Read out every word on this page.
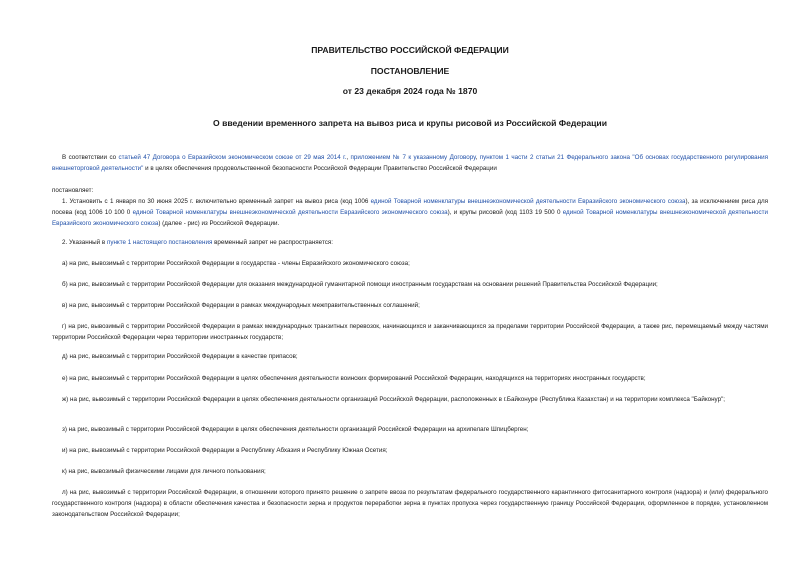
ПРАВИТЕЛЬСТВО РОССИЙСКОЙ ФЕДЕРАЦИИ
ПОСТАНОВЛЕНИЕ
от 23 декабря 2024 года № 1870
О введении временного запрета на вывоз риса и крупы рисовой из Российской Федерации
В соответствии со статьей 47 Договора о Евразийском экономическом союзе от 29 мая 2014 г., приложением № 7 к указанному Договору, пунктом 1 части 2 статьи 21 Федерального закона "Об основах государственного регулирования внешнеторговой деятельности" и в целях обеспечения продовольственной безопасности Российской Федерации Правительство Российской Федерации
постановляет:
1. Установить с 1 января по 30 июня 2025 г. включительно временный запрет на вывоз риса (код 1006 единой Товарной номенклатуры внешнеэкономической деятельности Евразийского экономического союза), за исключением риса для посева (код 1006 10 100 0 единой Товарной номенклатуры внешнеэкономической деятельности Евразийского экономического союза), и крупы рисовой (код 1103 19 500 0 единой Товарной номенклатуры внешнеэкономической деятельности Евразийского экономического союза) (далее - рис) из Российской Федерации.
2. Указанный в пункте 1 настоящего постановления временный запрет не распространяется:
а) на рис, вывозимый с территории Российской Федерации в государства - члены Евразийского экономического союза;
б) на рис, вывозимый с территории Российской Федерации для оказания международной гуманитарной помощи иностранным государствам на основании решений Правительства Российской Федерации;
в) на рис, вывозимый с территории Российской Федерации в рамках международных межправительственных соглашений;
г) на рис, вывозимый с территории Российской Федерации в рамках международных транзитных перевозок, начинающихся и заканчивающихся за пределами территории Российской Федерации, а также рис, перемещаемый между частями территории Российской Федерации через территории иностранных государств;
д) на рис, вывозимый с территории Российской Федерации в качестве припасов;
е) на рис, вывозимый с территории Российской Федерации в целях обеспечения деятельности воинских формирований Российской Федерации, находящихся на территориях иностранных государств;
ж) на рис, вывозимый с территории Российской Федерации в целях обеспечения деятельности организаций Российской Федерации, расположенных в г.Байконуре (Республика Казахстан) и на территории комплекса "Байконур";
з) на рис, вывозимый с территории Российской Федерации в целях обеспечения деятельности организаций Российской Федерации на архипелаге Шпицберген;
и) на рис, вывозимый с территории Российской Федерации в Республику Абхазия и Республику Южная Осетия;
к) на рис, вывозимый физическими лицами для личного пользования;
л) на рис, вывозимый с территории Российской Федерации, в отношении которого принято решение о запрете ввоза по результатам федерального государственного карантинного фитосанитарного контроля (надзора) и (или) федерального государственного контроля (надзора) в области обеспечения качества и безопасности зерна и продуктов переработки зерна в пунктах пропуска через государственную границу Российской Федерации, оформленное в порядке, установленном законодательством Российской Федерации;
